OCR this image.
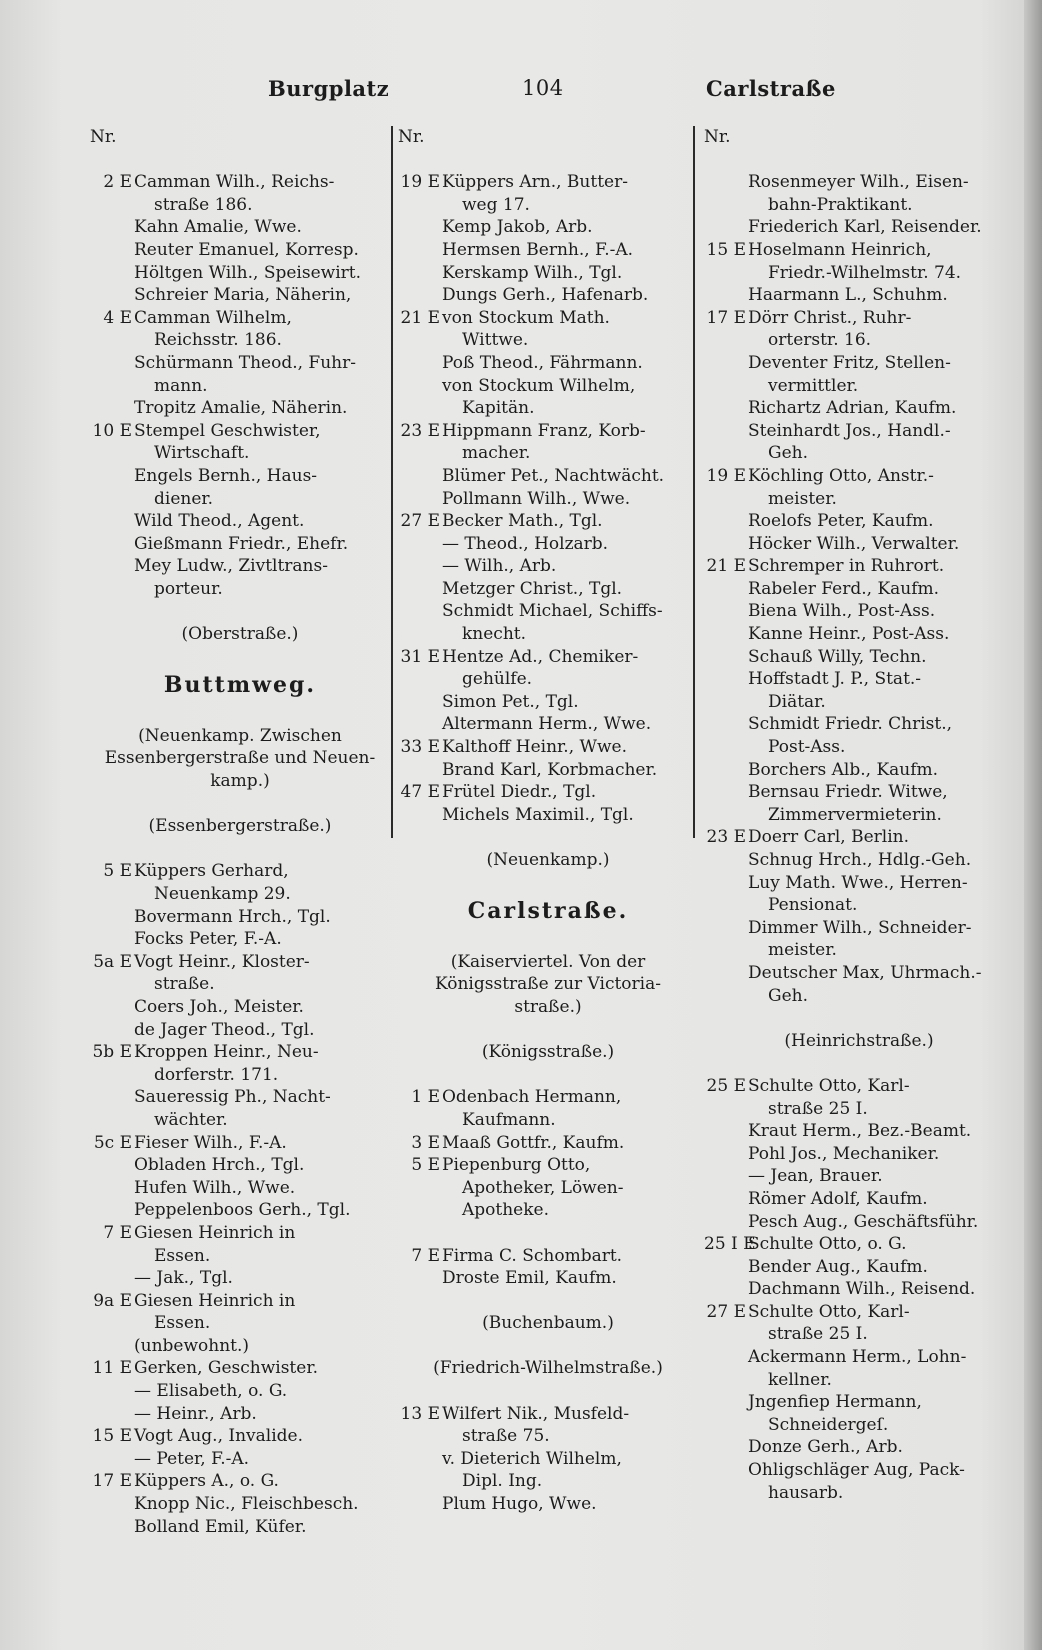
Burgplatz	104	Carlstraße
Nr.
2 E Camman Wilh., Reichs-
straße 186.
Kahn Amalie, Wwe.
Reuter Emanuel, Korresp.
Höltgen Wilh., Speisewirt.
Schreier Maria, Näherin,
4 E Camman Wilhelm,
Reichsstr. 186.
Schürmann Theod., Fuhr-
mann.
Tropitz Amalie, Näherin.
10 E Stempel Geschwister,
Wirtschaft.
Engels Bernh., Haus-
diener.
Wild Theod., Agent.
Gießmann Friedr., Ehefr.
Mey Ludw., Zivtltrans-
porteur.
(Oberstraße.)
Buttmweg.
(Neuenkamp. Zwischen
Essenbergerstraße und Neuen-
kamp.)
(Essenbergerstraße.)
5 E Küppers Gerhard,
Neuenkamp 29.
Bovermann Hrch., Tgl.
Focks Peter, F.-A.
5a E Vogt Heinr., Kloster-
straße.
Coers Joh., Meister.
de Jager Theod., Tgl.
5b E Kroppen Heinr., Neu-
dorferstr. 171.
Saueressig Ph., Nacht-
wächter.
5c E Fieser Wilh., F.-A.
Obladen Hrch., Tgl.
Hufen Wilh., Wwe.
Peppelenboos Gerh., Tgl.
7 E Giesen Heinrich in
Essen.
— Jak., Tgl.
9a E Giesen Heinrich in
Essen.
(unbewohnt.)
11 E Gerken, Geschwister.
— Elisabeth, o. G.
— Heinr., Arb.
15 E Vogt Aug., Invalide.
— Peter, F.-A.
17 E Küppers A., o. G.
Knopp Nic., Fleischbesch.
Bolland Emil, Küfer.
Nr.
19 E Küppers Arn., Butter-
weg 17.
Kemp Jakob, Arb.
Hermsen Bernh., F.-A.
Kerskamp Wilh., Tgl.
Dungs Gerh., Hafenarb.
21 E von Stockum Math.
Wittwe.
Poß Theod., Fährmann.
von Stockum Wilhelm,
Kapitän.
23 E Hippmann Franz, Korb-
macher.
Blümer Pet., Nachtwächt.
Pollmann Wilh., Wwe.
27 E Becker Math., Tgl.
— Theod., Holzarb.
— Wilh., Arb.
Metzger Christ., Tgl.
Schmidt Michael, Schiffs-
knecht.
31 E Hentze Ad., Chemiker-
gehülfe.
Simon Pet., Tgl.
Altermann Herm., Wwe.
33 E Kalthoff Heinr., Wwe.
Brand Karl, Korbmacher.
47 E Frütel Diedr., Tgl.
Michels Maximil., Tgl.
(Neuenkamp.)
Carlstraße.
(Kaiserviertel. Von der
Königsstraße zur Victoria-
straße.)
(Königsstraße.)
1 E Odenbach Hermann,
Kaufmann.
3 E Maaß Gottfr., Kaufm.
5 E Piepenburg Otto,
Apotheker, Löwen-
Apotheke.
7 E Firma C. Schombart.
Droste Emil, Kaufm.
(Buchenbaum.)
(Friedrich-Wilhelmstraße.)
13 E Wilfert Nik., Musfeld-
straße 75.
v. Dieterich Wilhelm,
Dipl. Ing.
Plum Hugo, Wwe.
Nr.
Rosenmeyer Wilh., Eisen-
bahn-Praktikant.
Friederich Karl, Reisender.
15 E Hoselmann Heinrich,
Friedr.-Wilhelmstr. 74.
Haarmann L., Schuhm.
17 E Dörr Christ., Ruhr-
orterstr. 16.
Deventer Fritz, Stellen-
vermittler.
Richartz Adrian, Kaufm.
Steinhardt Jos., Handl.-
Geh.
19 E Köchling Otto, Anstr.-
meister.
Roelofs Peter, Kaufm.
Höcker Wilh., Verwalter.
21 E Schremper in Ruhrort.
Rabeler Ferd., Kaufm.
Biena Wilh., Post-Ass.
Kanne Heinr., Post-Ass.
Schauß Willy, Techn.
Hoffstadt J. P., Stat.-
Diätar.
Schmidt Friedr. Christ.,
Post-Ass.
Borchers Alb., Kaufm.
Bernsau Friedr. Witwe,
Zimmervermieterin.
23 E Doerr Carl, Berlin.
Schnug Hrch., Hdlg.-Geh.
Luy Math. Wwe., Herren-
Pensionat.
Dimmer Wilh., Schneider-
meister.
Deutscher Max, Uhrmach.-
Geh.
(Heinrichstraße.)
25 E Schulte Otto, Karl-
straße 25 I.
Kraut Herm., Bez.-Beamt.
Pohl Jos., Mechaniker.
— Jean, Brauer.
Römer Adolf, Kaufm.
Pesch Aug., Geschäftsführ.
25 I ESchulte Otto, o. G.
Bender Aug., Kaufm.
Dachmann Wilh., Reisend.
27 E Schulte Otto, Karl-
straße 25 I.
Ackermann Herm., Lohn-
kellner.
Jngenfiep Hermann,
Schneidergeſ.
Donze Gerh., Arb.
Ohligschläger Aug, Pack-
hausarb.
